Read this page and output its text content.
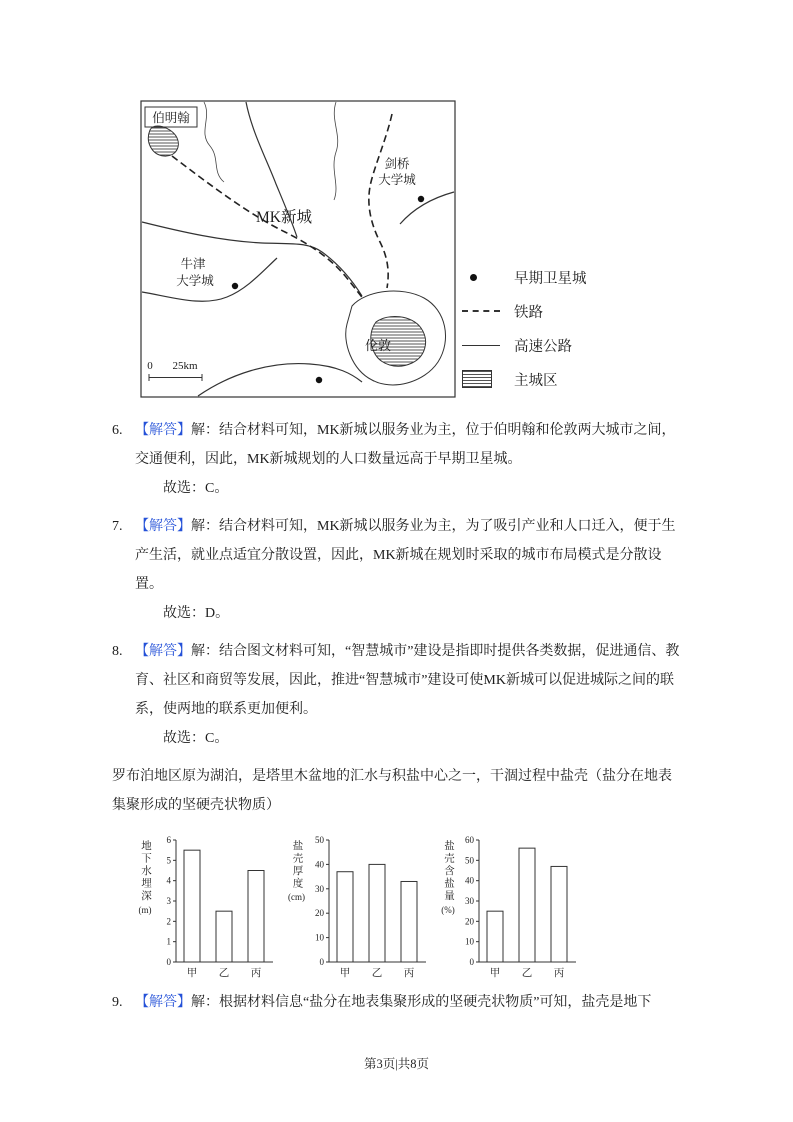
伯明翰
剑桥
大学城
MK新城
牛津
大学城
伦敦
0 25km
早期卫星城
铁路
高速公路
主城区
6. 【解答】解：结合材料可知，MK新城以服务业为主，位于伯明翰和伦敦两大城市之间，交通便利，因此，MK新城规划的人口数量远高于早期卫星城。

故选：C。

7. 【解答】解：结合材料可知，MK新城以服务业为主，为了吸引产业和人口迁入，便于生产生活，就业点适宜分散设置，因此，MK新城在规划时采取的城市布局模式是分散设置。

故选：D。

8. 【解答】解：结合图文材料可知，“智慧城市”建设是指即时提供各类数据，促进通信、教育、社区和商贸等发展，因此，推进“智慧城市”建设可使MK新城可以促进城际之间的联系，使两地的联系更加便利。

故选：C。

罗布泊地区原为湖泊，是塔里木盆地的汇水与积盐中心之一，干涸过程中盐壳（盐分在地表集聚形成的坚硬壳状物质）

地下水埋深
(m)
0
1
2
3
4
5
6
甲 乙 丙
盐壳厚度
(cm)
0
10
20
30
40
50
甲 乙 丙
盐壳含盐量
(%)
0
10
20
30
40
50
60
甲 乙 丙
9. 【解答】解：根据材料信息“盐分在地表集聚形成的坚硬壳状物质”可知，盐壳是地下

第3页|共8页
